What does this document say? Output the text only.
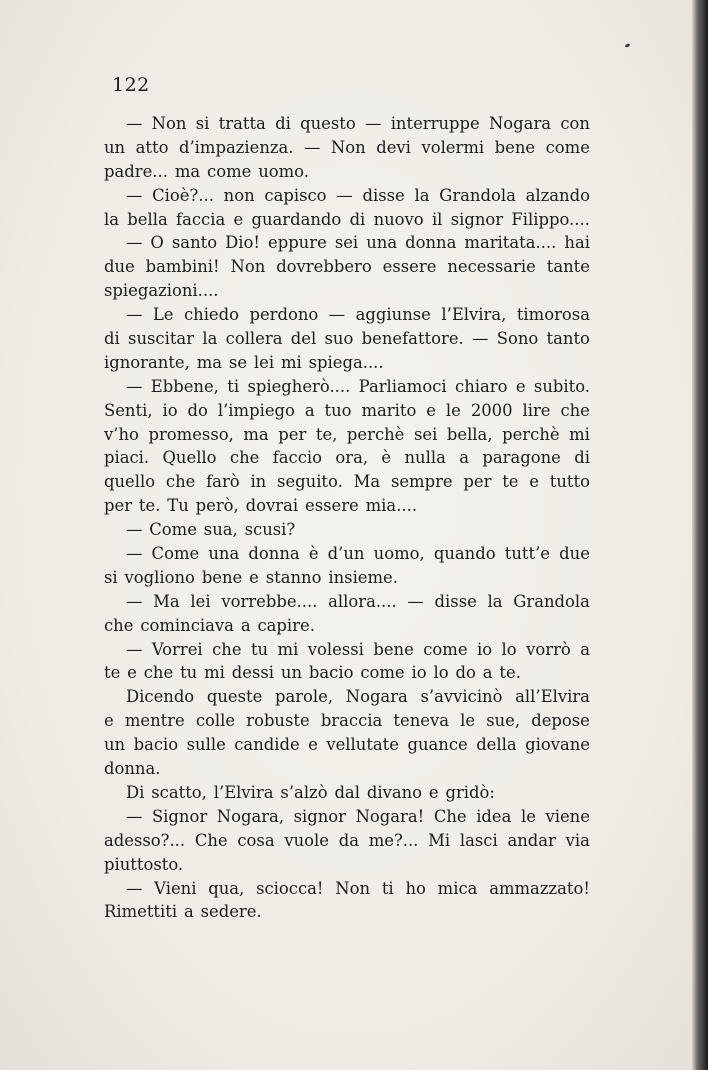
122
— Non si tratta di questo — interruppe Nogara con
un atto d’impazienza. — Non devi volermi bene come
padre... ma come uomo.
— Cioè?... non capisco — disse la Grandola alzando
la bella faccia e guardando di nuovo il signor Filippo....
— O santo Dio! eppure sei una donna maritata.... hai
due bambini! Non dovrebbero essere necessarie tante
spiegazioni....
— Le chiedo perdono — aggiunse l’Elvira, timorosa
di suscitar la collera del suo benefattore. — Sono tanto
ignorante, ma se lei mi spiega....
— Ebbene, ti spiegherò.... Parliamoci chiaro e subito.
Senti, io do l’impiego a tuo marito e le 2000 lire che
v’ho promesso, ma per te, perchè sei bella, perchè mi
piaci. Quello che faccio ora, è nulla a paragone di
quello che farò in seguito. Ma sempre per te e tutto
per te. Tu però, dovrai essere mia....
— Come sua, scusi?
— Come una donna è d’un uomo, quando tutt’e due
si vogliono bene e stanno insieme.
— Ma lei vorrebbe.... allora.... — disse la Grandola
che cominciava a capire.
— Vorrei che tu mi volessi bene come io lo vorrò a
te e che tu mi dessi un bacio come io lo do a te.
Dicendo queste parole, Nogara s’avvicinò all’Elvira
e mentre colle robuste braccia teneva le sue, depose
un bacio sulle candide e vellutate guance della giovane
donna.
Di scatto, l’Elvira s’alzò dal divano e gridò:
— Signor Nogara, signor Nogara! Che idea le viene
adesso?... Che cosa vuole da me?... Mi lasci andar via
piuttosto.
— Vieni qua, sciocca! Non ti ho mica ammazzato!
Rimettiti a sedere.
